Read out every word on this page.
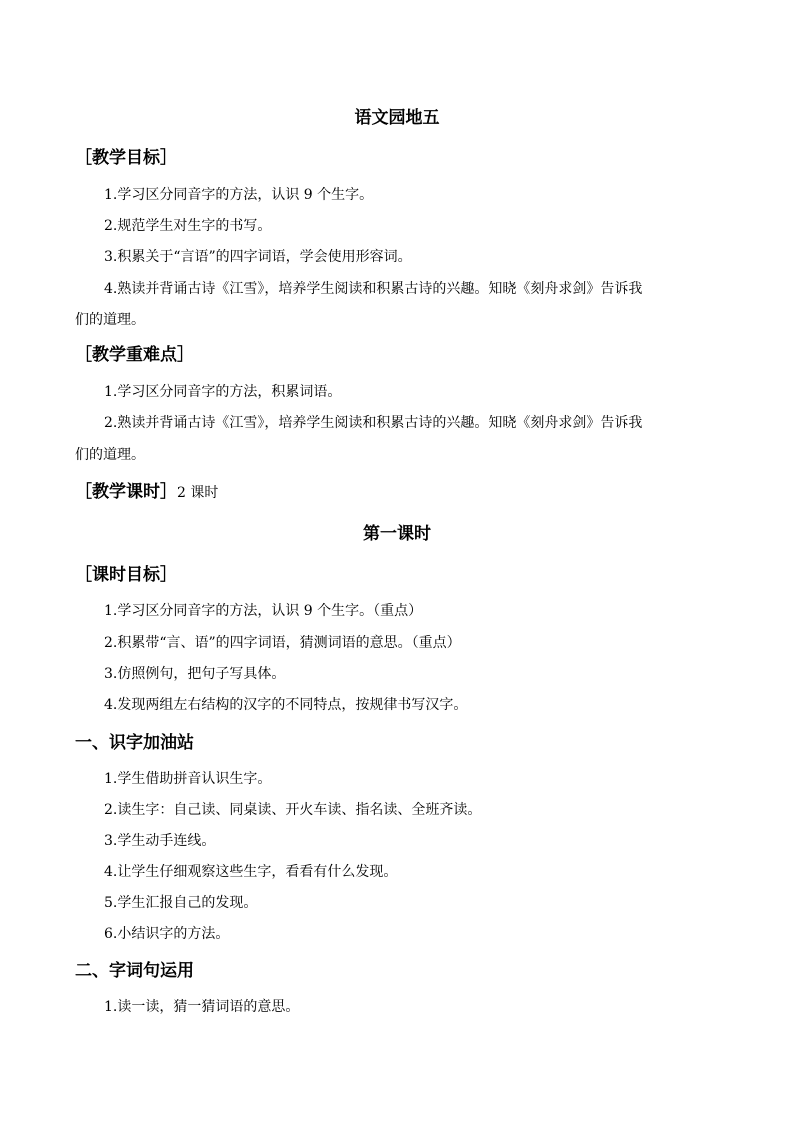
语文园地五
［教学目标］
1.学习区分同音字的方法，认识 9 个生字。
2.规范学生对生字的书写。
3.积累关于“言语”的四字词语，学会使用形容词。
4.熟读并背诵古诗《江雪》，培养学生阅读和积累古诗的兴趣。知晓《刻舟求剑》告诉我
们的道理。
［教学重难点］
1.学习区分同音字的方法，积累词语。
2.熟读并背诵古诗《江雪》，培养学生阅读和积累古诗的兴趣。知晓《刻舟求剑》告诉我
们的道理。
［教学课时］2 课时
第一课时
［课时目标］
1.学习区分同音字的方法，认识 9 个生字。（重点）
2.积累带“言、语”的四字词语，猜测词语的意思。（重点）
3.仿照例句，把句子写具体。
4.发现两组左右结构的汉字的不同特点，按规律书写汉字。
一、识字加油站
1.学生借助拼音认识生字。
2.读生字：自己读、同桌读、开火车读、指名读、全班齐读。
3.学生动手连线。
4.让学生仔细观察这些生字，看看有什么发现。
5.学生汇报自己的发现。
6.小结识字的方法。
二、字词句运用
1.读一读，猜一猜词语的意思。
